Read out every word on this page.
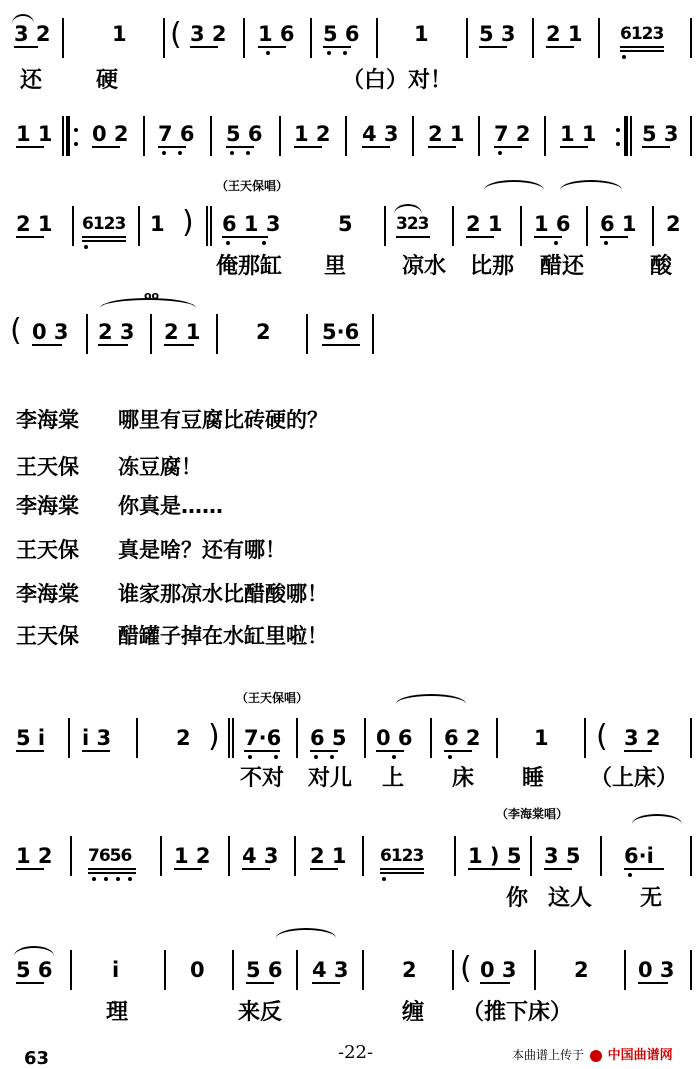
3 2	1 ( 3 2 1 6 5 6	1 5 3 2 1 6123
还 硬	（白）对！
1 1 0 2 7 6 5 6 1 2 4 3 2 1 7 2 1 1 5 3
（王天保唱）
2 1 6123 1 ) 6 1 3	5	323 2 1 1 6 6 1 2
俺那缸 里	凉水 比那 醋还	酸
( 0 3
oo
2 3 2 1	2 5·6
李海棠	哪里有豆腐比砖硬的？
王天保 冻豆腐！
李海棠 你真是……
王天保 真是啥？还有哪！
李海棠 谁家那凉水比醋酸哪！
王天保 醋罐子掉在水缸里啦！
（王天保唱）
5 i i 3	2 ) 7·6 6 5 0 6 6 2	1 ( 3 2
不对 对儿 上 床 睡 （上床）
（李海棠唱）
1 2 7656 1 2 4 3 2 1 6123 1 ) 5 3 5 6·i
你 这人 无
5 6	i	0 5 6 4 3	2 ( 0 3	2 0 3
理	来反	缠 （推下床）
63	-22-	本曲谱上传于 中国曲谱网
